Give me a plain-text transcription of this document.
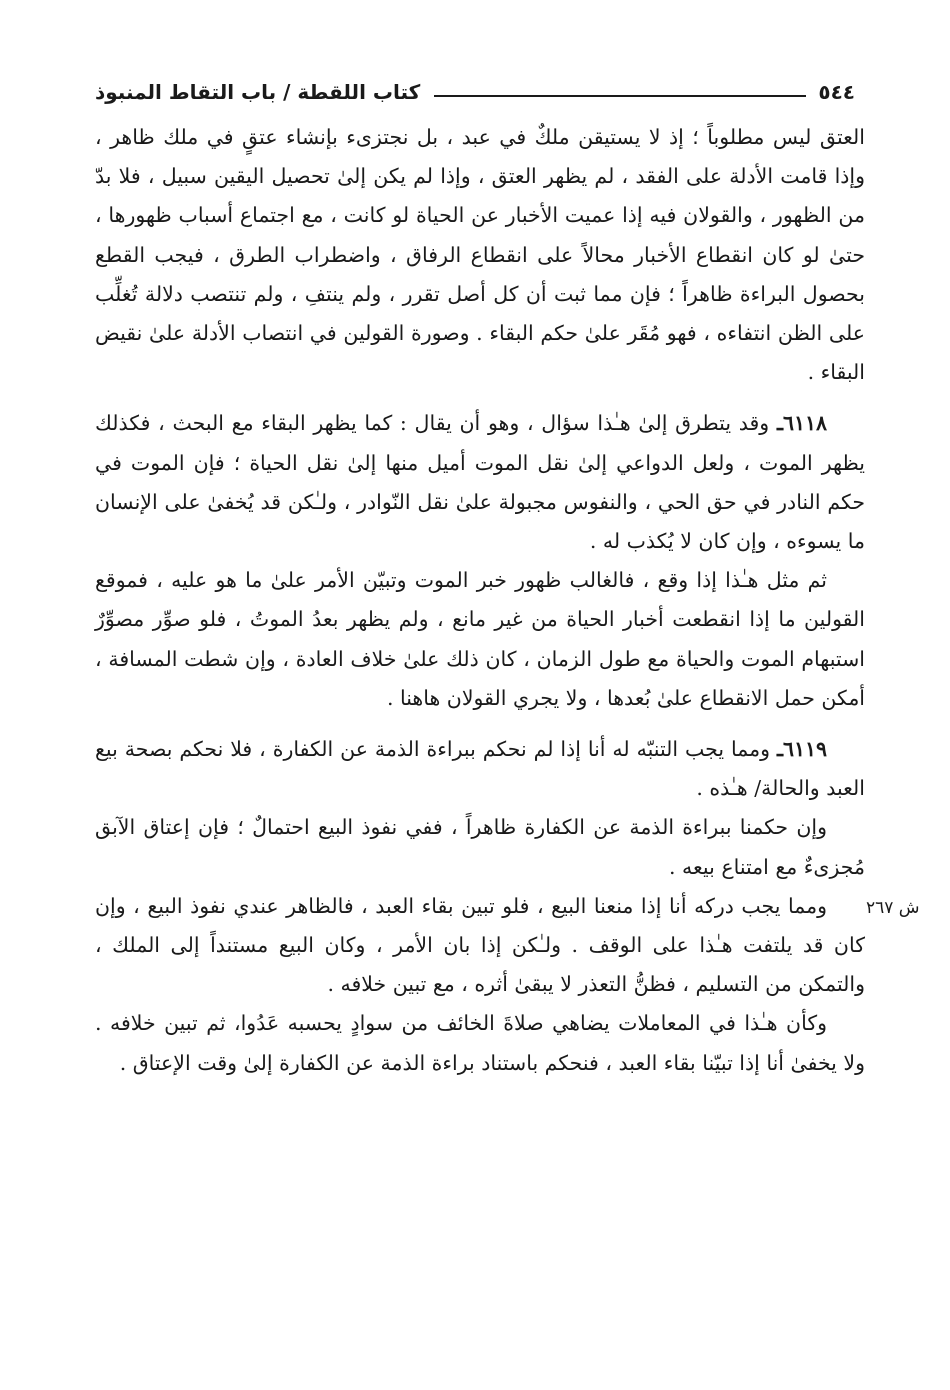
٥٤٤
كتاب اللقطة / باب التقاط المنبوذ
ش ٢٦٧

العتق ليس مطلوباً ؛ إذ لا يستيقن ملكٌ في عبد ، بل نجتزىء بإنشاء عتقٍ في ملك ظاهر ، وإذا قامت الأدلة على الفقد ، لم يظهر العتق ، وإذا لم يكن إلىٰ تحصيل اليقين سبيل ، فلا بدّ من الظهور ، والقولان فيه إذا عميت الأخبار عن الحياة لو كانت ، مع اجتماع أسباب ظهورها ، حتىٰ لو كان انقطاع الأخبار محالاً على انقطاع الرفاق ، واضطراب الطرق ، فيجب القطع بحصول البراءة ظاهراً ؛ فإن مما ثبت أن كل أصل تقرر ، ولم ينتفِ ، ولم تنتصب دلالة تُغلِّب على الظن انتفاءه ، فهو مُقَر علىٰ حكم البقاء . وصورة القولين في انتصاب الأدلة علىٰ نقيض البقاء .

٦١١٨ـ وقد يتطرق إلىٰ هـٰذا سؤال ، وهو أن يقال : كما يظهر البقاء مع البحث ، فكذلك يظهر الموت ، ولعل الدواعي إلىٰ نقل الموت أميل منها إلىٰ نقل الحياة ؛ فإن الموت في حكم النادر في حق الحي ، والنفوس مجبولة علىٰ نقل النّوادر ، ولـٰكن قد يُخفىٰ على الإنسان ما يسوءه ، وإن كان لا يُكذب له .

ثم مثل هـٰذا إذا وقع ، فالغالب ظهور خبر الموت وتبيّن الأمر علىٰ ما هو عليه ، فموقع القولين ما إذا انقطعت أخبار الحياة من غير مانع ، ولم يظهر بعدُ الموتُ ، فلو صوِّر مصوِّرٌ استبهام الموت والحياة مع طول الزمان ، كان ذلك علىٰ خلاف العادة ، وإن شطت المسافة ، أمكن حمل الانقطاع علىٰ بُعدها ، ولا يجري القولان هاهنا .

٦١١٩ـ ومما يجب التنبّه له أنا إذا لم نحكم ببراءة الذمة عن الكفارة ، فلا نحكم بصحة بيع العبد والحالة/ هـٰذه .

وإن حكمنا ببراءة الذمة عن الكفارة ظاهراً ، ففي نفوذ البيع احتمالٌ ؛ فإن إعتاق الآبق مُجزىءٌ مع امتناع بيعه .

ومما يجب دركه أنا إذا منعنا البيع ، فلو تبين بقاء العبد ، فالظاهر عندي نفوذ البيع ، وإن كان قد يلتفت هـٰذا على الوقف . ولـٰكن إذا بان الأمر ، وكان البيع مستنداً إلى الملك ، والتمكن من التسليم ، فظنُّ التعذر لا يبقىٰ أثره ، مع تبين خلافه .

وكأن هـٰذا في المعاملات يضاهي صلاةَ الخائف من سوادٍ يحسبه عَدُوا، ثم تبين خلافه . ولا يخفىٰ أنا إذا تبيّنا بقاء العبد ، فنحكم باستناد براءة الذمة عن الكفارة إلىٰ وقت الإعتاق .
